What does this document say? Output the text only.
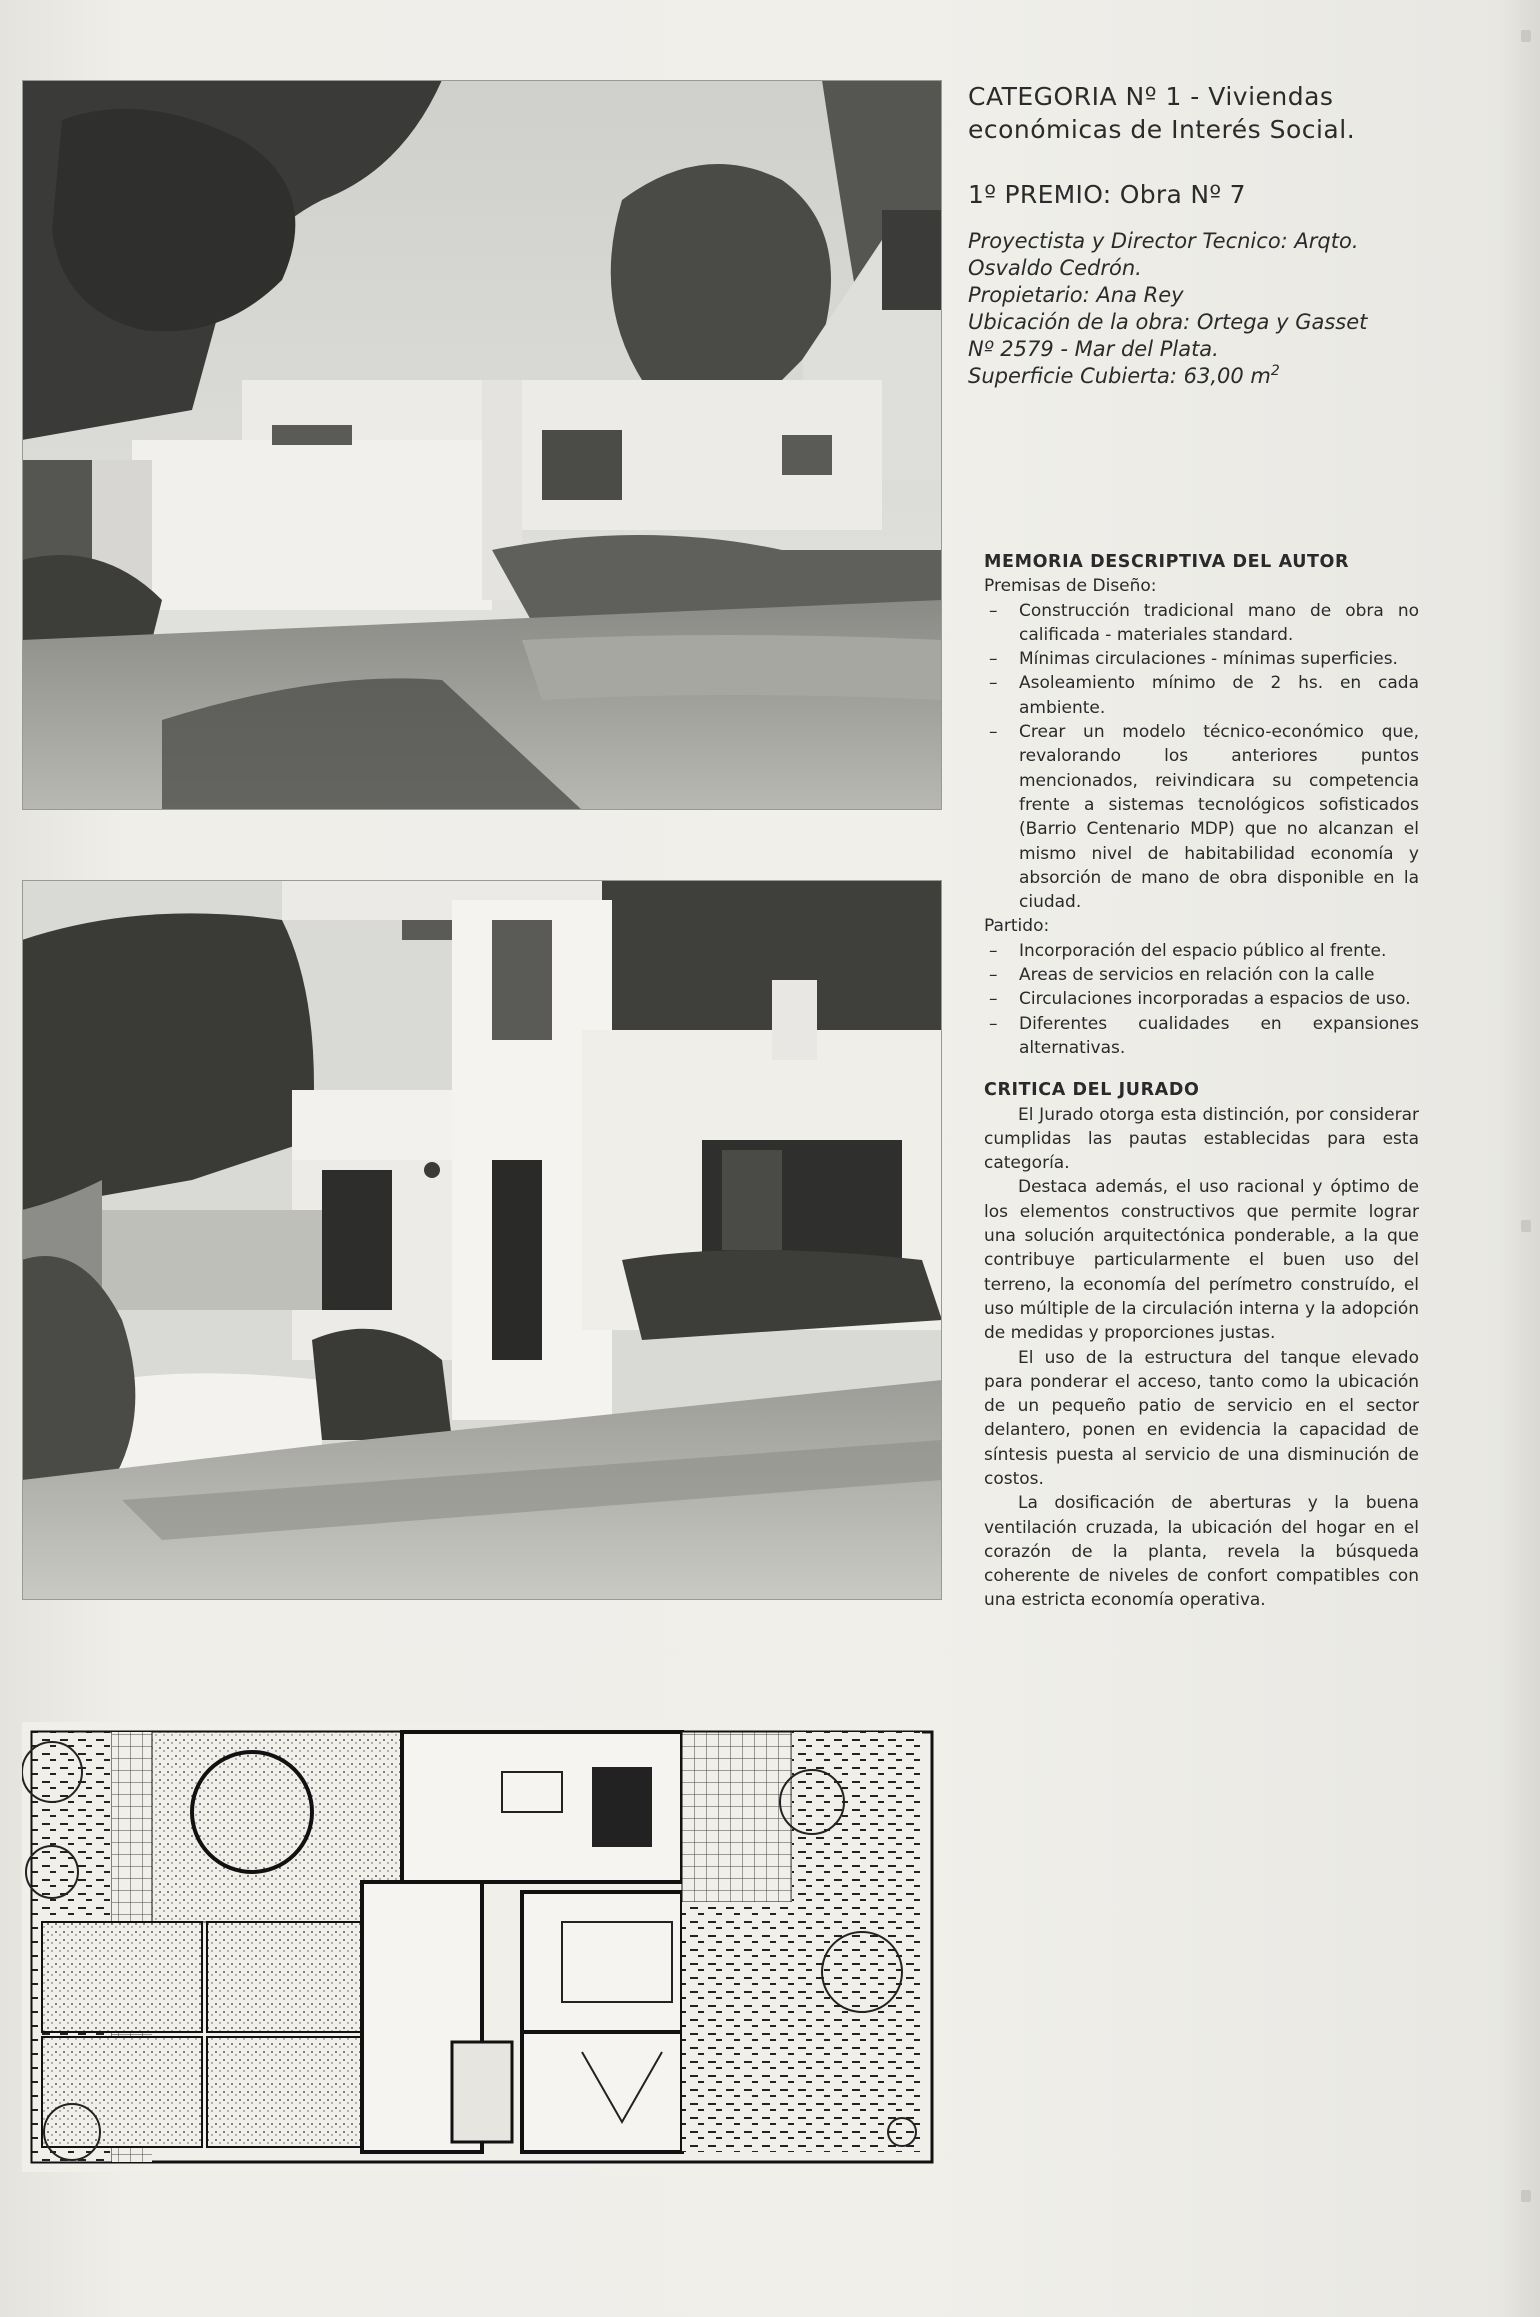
CATEGORIA Nº 1 - Viviendas
económicas de Interés Social.

1º PREMIO: Obra Nº 7

Proyectista y Director Tecnico: Arqto.
Osvaldo Cedrón.
Propietario: Ana Rey
Ubicación de la obra: Ortega y Gasset
Nº 2579 - Mar del Plata.
Superficie Cubierta: 63,00 $m^2$

MEMORIA DESCRIPTIVA DEL AUTOR

Premisas de Diseño:

– Construcción tradicional mano de obra no calificada - materiales standard.

– Mínimas circulaciones - mínimas superficies.

– Asoleamiento mínimo de 2 hs. en cada ambiente.

– Crear un modelo técnico-económico que, revalorando los anteriores puntos mencionados, reivindicara su competencia frente a sistemas tecnológicos sofisticados (Barrio Centenario MDP) que no alcanzan el mismo nivel de habitabilidad economía y absorción de mano de obra disponible en la ciudad.

Partido:

– Incorporación del espacio público al frente.

– Areas de servicios en relación con la calle

– Circulaciones incorporadas a espacios de uso.

– Diferentes cualidades en expansiones alternativas.

CRITICA DEL JURADO

El Jurado otorga esta distinción, por considerar cumplidas las pautas establecidas para esta categoría.

Destaca además, el uso racional y óptimo de los elementos constructivos que permite lograr una solución arquitectónica ponderable, a la que contribuye particularmente el buen uso del terreno, la economía del perímetro construído, el uso múltiple de la circulación interna y la adopción de medidas y proporciones justas.

El uso de la estructura del tanque elevado para ponderar el acceso, tanto como la ubicación de un pequeño patio de servicio en el sector delantero, ponen en evidencia la capacidad de síntesis puesta al servicio de una disminución de costos.

La dosificación de aberturas y la buena ventilación cruzada, la ubicación del hogar en el corazón de la planta, revela la búsqueda coherente de niveles de confort compatibles con una estricta economía operativa.
